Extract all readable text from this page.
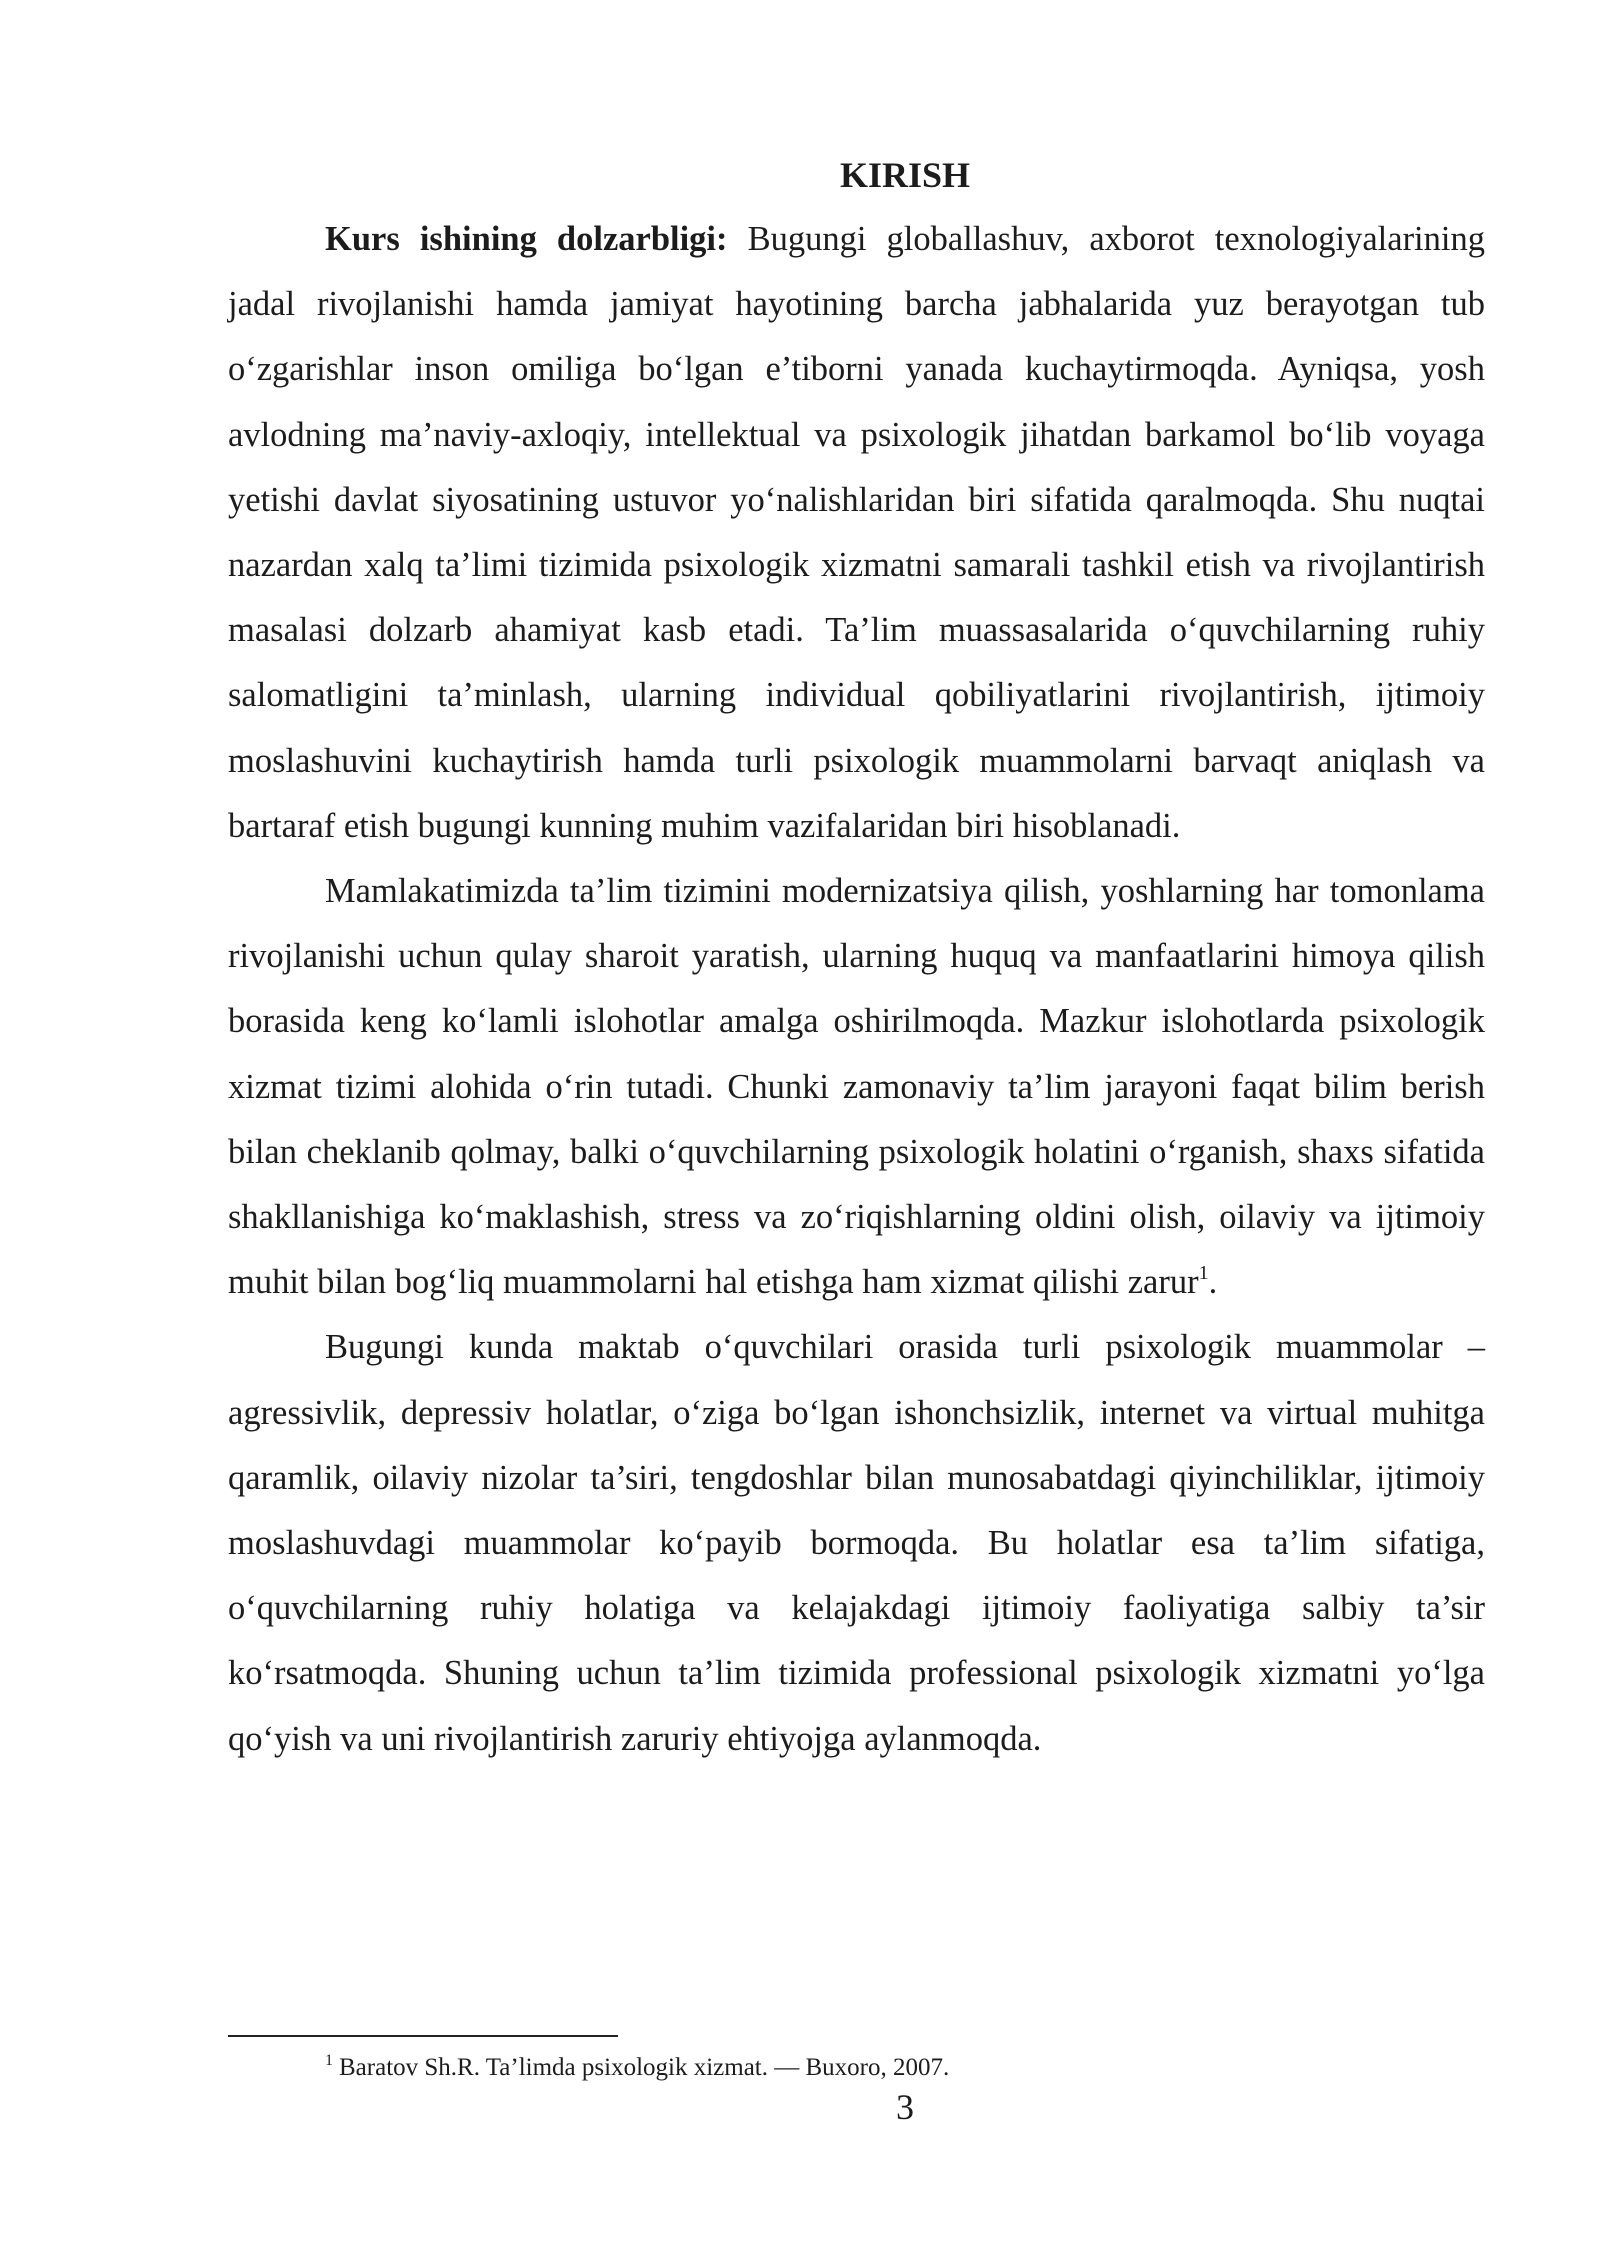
KIRISH

Kurs ishining dolzarbligi: Bugungi globallashuv, axborot texnologiyalarining jadal rivojlanishi hamda jamiyat hayotining barcha jabhalarida yuz berayotgan tub o‘zgarishlar inson omiliga bo‘lgan e’tiborni yanada kuchaytirmoqda. Ayniqsa, yosh avlodning ma’naviy-axloqiy, intellektual va psixologik jihatdan barkamol bo‘lib voyaga yetishi davlat siyosatining ustuvor yo‘nalishlaridan biri sifatida qaralmoqda. Shu nuqtai nazardan xalq ta’limi tizimida psixologik xizmatni samarali tashkil etish va rivojlantirish masalasi dolzarb ahamiyat kasb etadi. Ta’lim muassasalarida o‘quvchilarning ruhiy salomatligini ta’minlash, ularning individual qobiliyatlarini rivojlantirish, ijtimoiy moslashuvini kuchaytirish hamda turli psixologik muammolarni barvaqt aniqlash va bartaraf etish bugungi kunning muhim vazifalaridan biri hisoblanadi.

Mamlakatimizda ta’lim tizimini modernizatsiya qilish, yoshlarning har tomonlama rivojlanishi uchun qulay sharoit yaratish, ularning huquq va manfaatlarini himoya qilish borasida keng ko‘lamli islohotlar amalga oshirilmoqda. Mazkur islohotlarda psixologik xizmat tizimi alohida o‘rin tutadi. Chunki zamonaviy ta’lim jarayoni faqat bilim berish bilan cheklanib qolmay, balki o‘quvchilarning psixologik holatini o‘rganish, shaxs sifatida shakllanishiga ko‘maklashish, stress va zo‘riqishlarning oldini olish, oilaviy va ijtimoiy muhit bilan bog‘liq muammolarni hal etishga ham xizmat qilishi zarur$^1$.

Bugungi kunda maktab o‘quvchilari orasida turli psixologik muammolar – agressivlik, depressiv holatlar, o‘ziga bo‘lgan ishonchsizlik, internet va virtual muhitga qaramlik, oilaviy nizolar ta’siri, tengdoshlar bilan munosabatdagi qiyinchiliklar, ijtimoiy moslashuvdagi muammolar ko‘payib bormoqda. Bu holatlar esa ta’lim sifatiga, o‘quvchilarning ruhiy holatiga va kelajakdagi ijtimoiy faoliyatiga salbiy ta’sir ko‘rsatmoqda. Shuning uchun ta’lim tizimida professional psixologik xizmatni yo‘lga qo‘yish va uni rivojlantirish zaruriy ehtiyojga aylanmoqda.

$^1$ Baratov Sh.R. Ta’limda psixologik xizmat. — Buxoro, 2007.
3
